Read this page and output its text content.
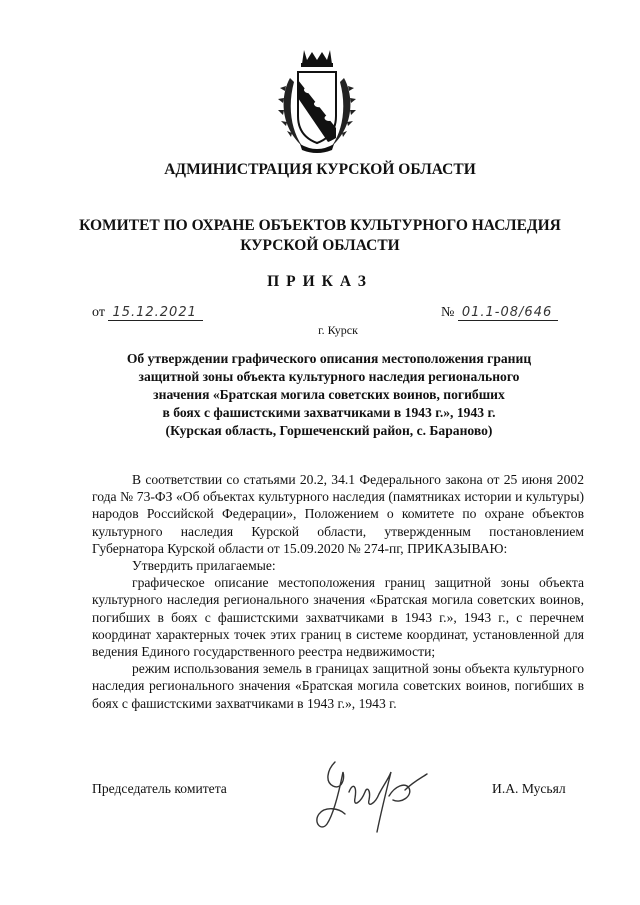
АДМИНИСТРАЦИЯ КУРСКОЙ ОБЛАСТИ
КОМИТЕТ ПО ОХРАНЕ ОБЪЕКТОВ КУЛЬТУРНОГО НАСЛЕДИЯ
КУРСКОЙ ОБЛАСТИ
ПРИКАЗ
от 15.12.2021	№ 01.1-08/646
г. Курск
Об утверждении графического описания местоположения границ
защитной зоны объекта культурного наследия регионального
значения «Братская могила советских воинов, погибших
в боях с фашистскими захватчиками в 1943 г.», 1943 г.
(Курская область, Горшеченский район, с. Бараново)

В соответствии со статьями 20.2, 34.1 Федерального закона от 25 июня 2002 года № 73-ФЗ «Об объектах культурного наследия (памятниках истории и культуры) народов Российской Федерации», Положением о комитете по охране объектов культурного наследия Курской области, утвержденным постановлением Губернатора Курской области от 15.09.2020 № 274-пг, ПРИКАЗЫВАЮ:

Утвердить прилагаемые:

графическое описание местоположения границ защитной зоны объекта культурного наследия регионального значения «Братская могила советских воинов, погибших в боях с фашистскими захватчиками в 1943 г.», 1943 г., с перечнем координат характерных точек этих границ в системе координат, установленной для ведения Единого государственного реестра недвижимости;

режим использования земель в границах защитной зоны объекта культурного наследия регионального значения «Братская могила советских воинов, погибших в боях с фашистскими захватчиками в 1943 г.», 1943 г.

Председатель комитета	И.А. Мусьял
